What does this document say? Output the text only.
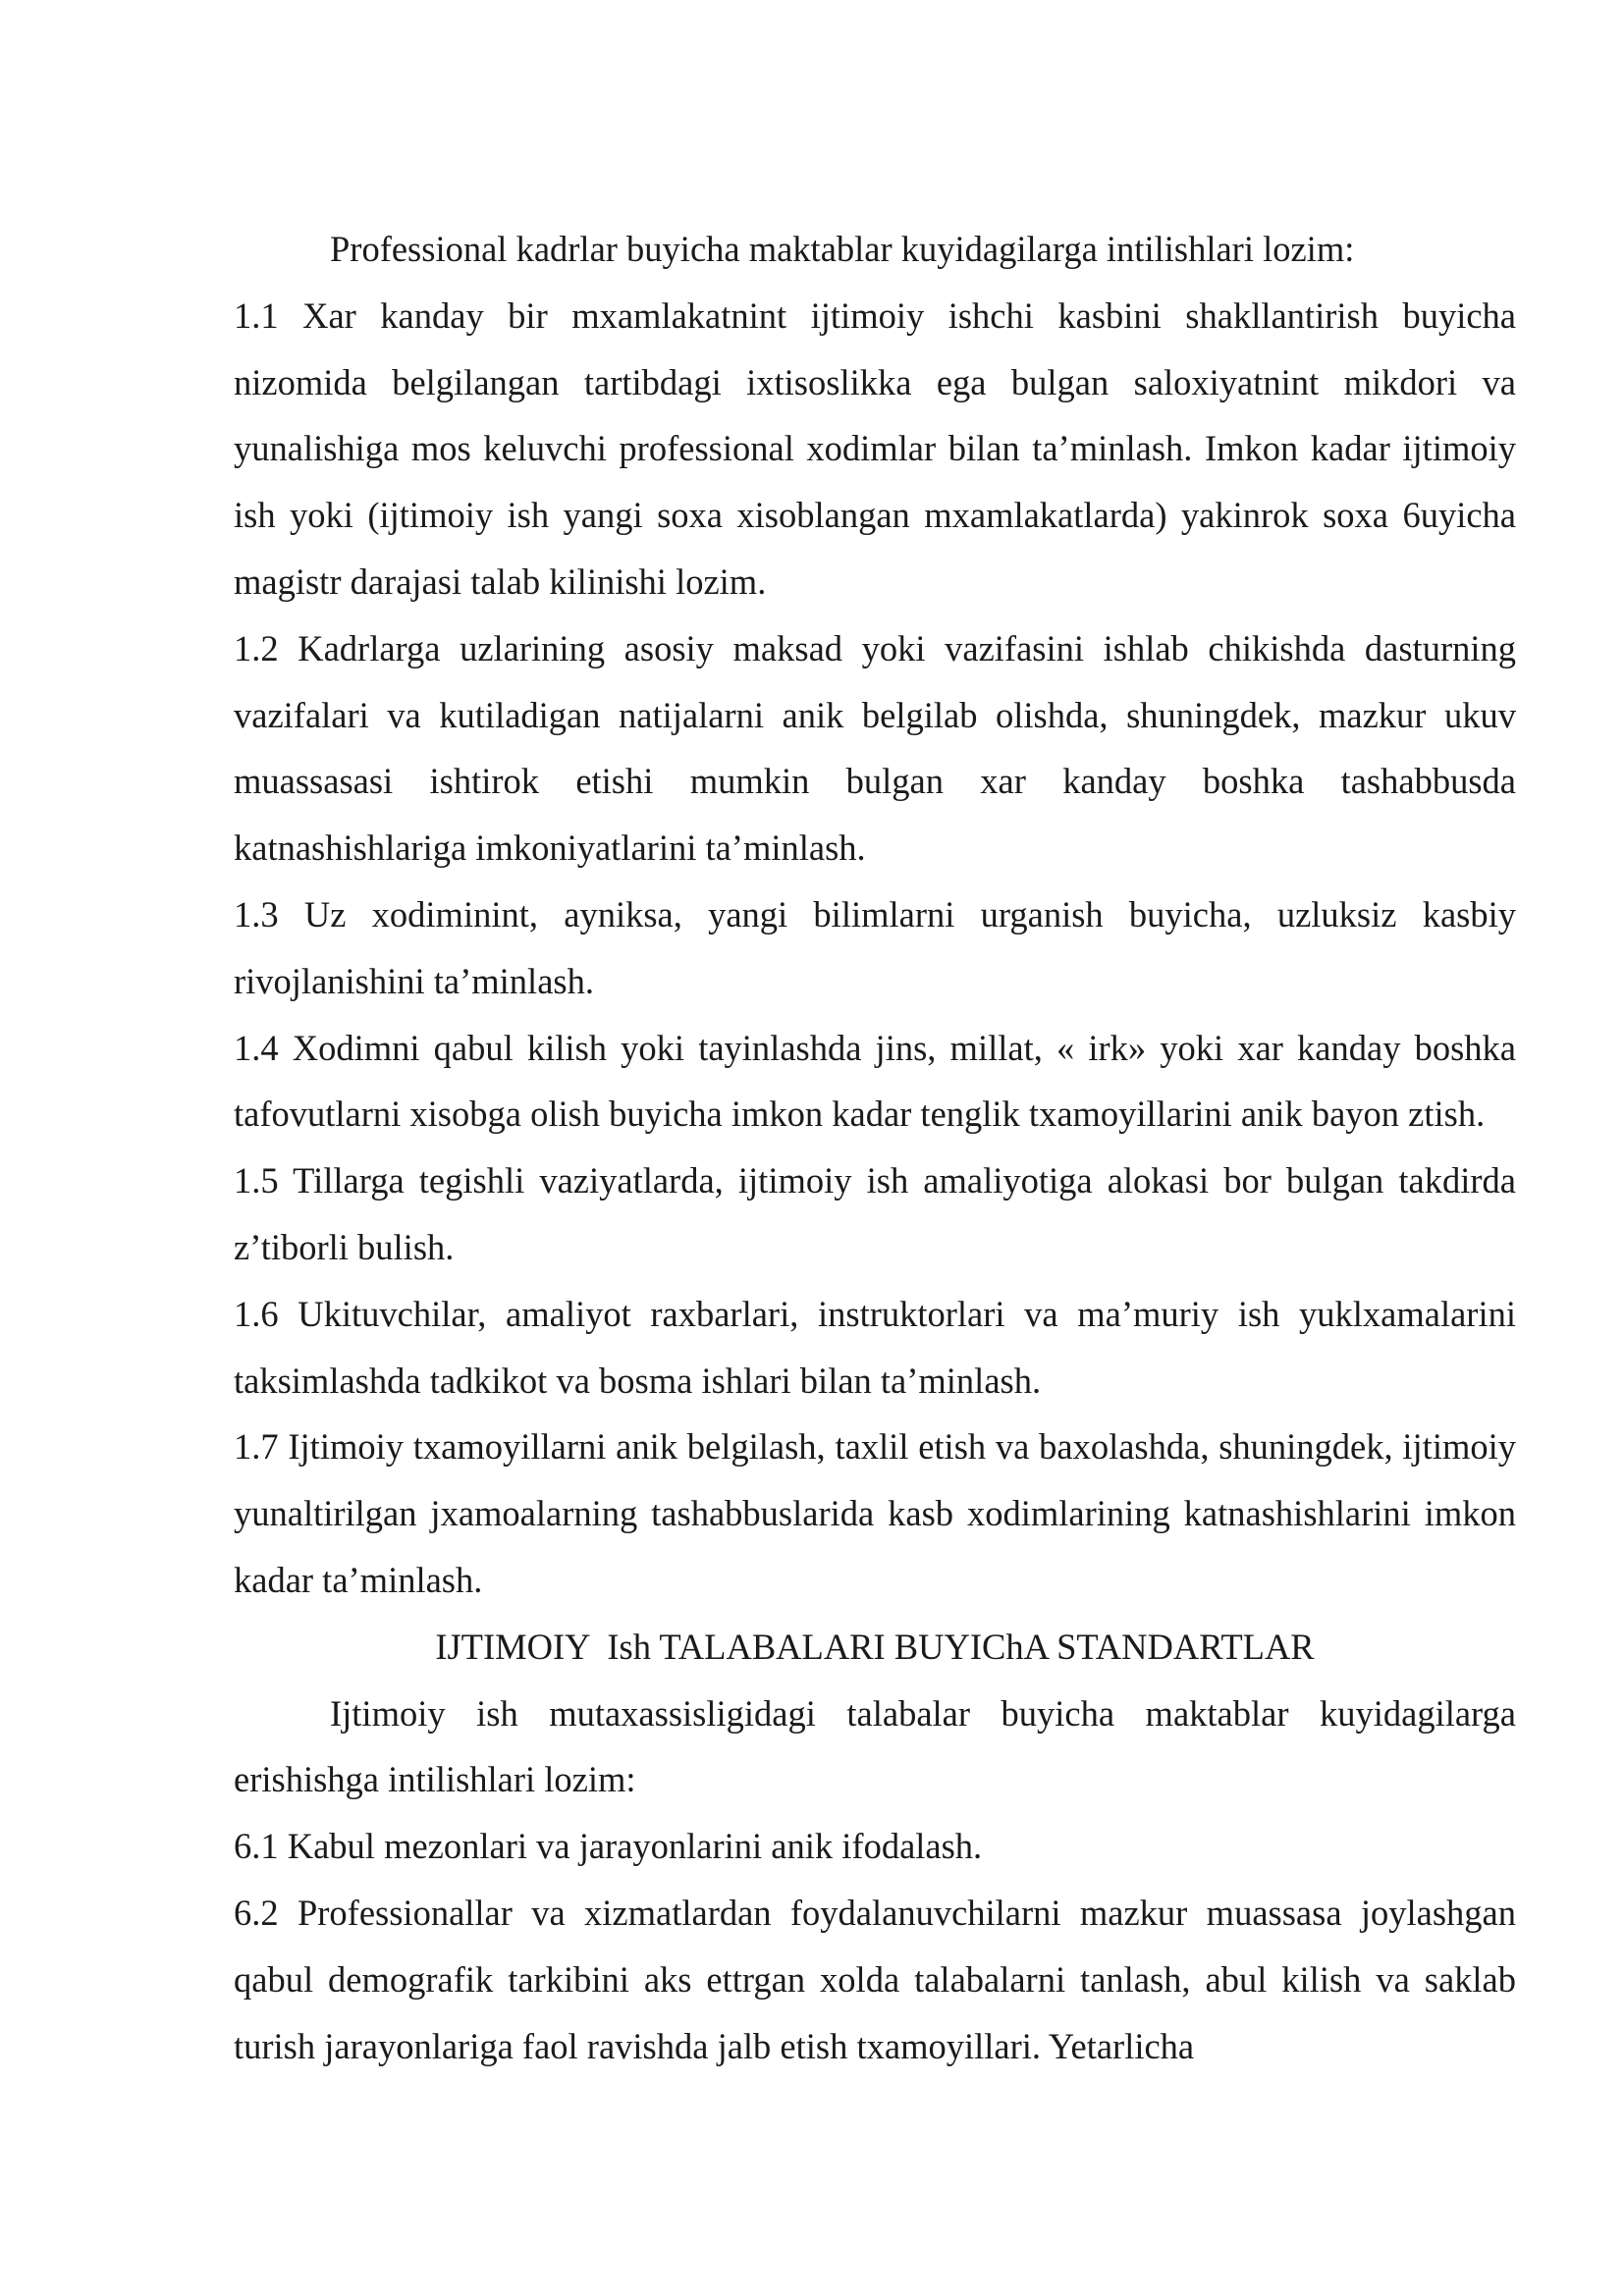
Professional kadrlar buyicha maktablar kuyidagilarga intilishlari lozim:

1.1 Xar kanday bir mxamlakatnint ijtimoiy ishchi kasbini shakllantirish buyicha nizomida belgilangan tartibdagi ixtisoslikka ega bulgan saloxiyatnint mikdori va yunalishiga mos keluvchi professional xodimlar bilan ta’minlash. Imkon kadar ijtimoiy ish yoki (ijtimoiy ish yangi soxa xisoblangan mxamlakatlarda) yakinrok soxa 6uyicha magistr darajasi talab kilinishi lozim.

1.2 Kadrlarga uzlarining asosiy maksad yoki vazifasini ishlab chikishda dasturning vazifalari va kutiladigan natijalarni anik belgilab olishda, shuningdek, mazkur ukuv muassasasi ishtirok etishi mumkin bulgan xar kanday boshka tashabbusda katnashishlariga imkoniyatlarini ta’minlash.

1.3 Uz xodiminint, ayniksa, yangi bilimlarni urganish buyicha, uzluksiz kasbiy rivojlanishini ta’minlash.

1.4 Xodimni qabul kilish yoki tayinlashda jins, millat, « irk» yoki xar kanday boshka tafovutlarni xisobga olish buyicha imkon kadar tenglik txamoyillarini anik bayon ztish.

1.5 Tillarga tegishli vaziyatlarda, ijtimoiy ish amaliyotiga alokasi bor bulgan takdirda z’tiborli bulish.

1.6 Ukituvchilar, amaliyot raxbarlari, instruktorlari va ma’muriy ish yuklxamalarini taksimlashda tadkikot va bosma ishlari bilan ta’minlash.

1.7 Ijtimoiy txamoyillarni anik belgilash, taxlil etish va baxolashda, shuningdek, ijtimoiy yunaltirilgan jxamoalarning tashabbuslarida kasb xodimlarining katnashishlarini imkon kadar ta’minlash.

IJTIMOIY  Ish TALABALARI BUYIChA STANDARTLAR

Ijtimoiy ish mutaxassisligidagi talabalar buyicha maktablar kuyidagilarga erishishga intilishlari lozim:

6.1 Kabul mezonlari va jarayonlarini anik ifodalash.

6.2 Professionallar va xizmatlardan foydalanuvchilarni mazkur muassasa joylashgan qabul demografik tarkibini aks ettrgan xolda talabalarni tanlash, abul kilish va saklab turish jarayonlariga faol ravishda jalb etish txamoyillari. Yetarlicha
